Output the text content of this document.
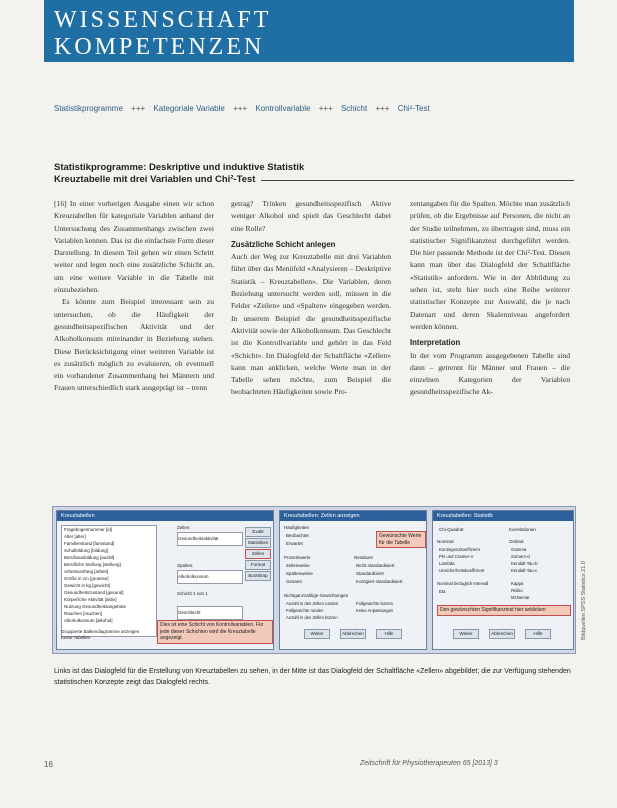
WISSENSCHAFT
KOMPETENZEN
Statistikprogramme +++ Kategoriale Variable +++ Kontrollvariable +++ Schicht +++ Chi²-Test
Statistikprogramme: Deskriptive und induktive Statistik
Kreuztabelle mit drei Variablen und Chi²-Test

[16] In einer vorherigen Ausgabe einen wir schon Kreuztabellen für kategoriale Variablen anhand der Untersuchung des Zusammenhangs zwischen zwei Variablen kennen. Das ist die einfachste Form dieser Darstellung. In diesem Teil gehen wir einen Schritt weiter und legen noch eine zusätzliche Schicht an, um eine weitere Variable in die Tabelle mit einzubeziehen.

Es könnte zum Beispiel interessant sein zu untersuchen, ob die Häufigkeit der gesundheitsspezifischen Aktivität und der Alkoholkonsum miteinander in Beziehung stehen. Diese Berücksichtigung einer weiteren Variable ist es zusätzlich möglich zu evaluieren, ob eventuell ein vorhandener Zusammenhang bei Männern und Frauen unterschiedlich stark ausgeprägt ist – trenn

getrag? Trinken gesundheitsspezifisch Aktive weniger Alkohol und spielt das Geschlecht dabei eine Rolle?

Zusätzliche Schicht anlegen

Auch der Weg zur Kreuztabelle mit drei Variablen führt über das Menüfeld «Analysieren – Deskriptive Statistik – Kreuztabellen». Die Variablen, deren Beziehung untersucht werden soll, müssen in die Felder «Zeilen» und «Spalten» eingegeben werden. In unserem Beispiel die gesundheitsspezifische Aktivität sowie der Alkoholkonsum. Das Geschlecht ist die Kontrollvariable und gehört in das Feld «Schicht». Im Dialogfeld der Schaltfläche «Zellen» kann man anklicken, welche Werte man in der Tabelle sehen möchte, zum Beispiel die beobachteten Häufigkeiten sowie Pro-

zentangaben für die Spalten. Möchte man zusätzlich prüfen, ob die Ergebnisse auf Personen, die nicht an der Studie teilnehmen, zu übertragen sind, muss ein statistischer Signifikanztest durchgeführt werden. Die hier passende Methode ist der Chi²-Test. Diesen kann man über das Dialogfeld der Schaltfläche «Statistik» anfordern. Wie in der Abbildung zu sehen ist, steht hier noch eine Reihe weiterer statistischer Konzepte zur Auswahl, die je nach Datenart und deren Skalenniveau angefordert werden können.

Interpretation

In der vom Programm ausgegebenen Tabelle sind dann – getrennt für Männer und Frauen – die einzelnen Kategorien der Variablen gesundheitsspezifische Ak-

Kreuztabellen
Fragebogennummer [id]
Alter [alter]
Familienstand [famstand]
Schulbildung [bildung]
Berufsausbildung [ausbil]
Berufliche Stellung [stellung]
Arbeitsumfang [arbeit]
Größe in cm [groesse]
Gewicht in kg [gewicht]
Gesundheitszustand [gesund]
Körperliche Aktivität [aktiv]
Nutzung Gesundheitsangebote
Rauchen [rauchen]
Alkoholkonsum [alkohol]
Zeilen:
Gesundheitsaktivität
Spalten:
Alkoholkonsum
Schicht 1 von 1
Geschlecht
Exakt
Statistiken
Zellen
Format
Bootstrap
Gruppierte Balkendiagramme anzeigen
Keine Tabellen
Dies ist eine Schicht von Kontrollvariablen. Für jede dieser Schichten wird die Kreuztabelle angezeigt.
Kreuztabellen: Zellen anzeigen
Häufigkeiten
Beobachtet
Erwartet
Prozentwerte
Zeilenweise
Spaltenweise
Gesamt
Residuen
Nicht standardisiert
Standardisiert
Korrigiert standardisiert
Nichtganzzahlige Gewichtungen
Anzahl in den Zellen runden
Fallgewichte runden
Anzahl in den Zellen kürzen
Fallgewichte kürzen
Keine Anpassungen
Weiter	Abbrechen	Hilfe
Gewünschte Werte für die Tabelle
Kreuztabellen: Statistik
Chi-Quadrat	Korrelationen
Nominal
Kontingenzkoeffizient
Phi und Cramer-V
Lambda
Unsicherheitskoeffizient
Nominal bezüglich Intervall
Eta
Ordinal
Gamma
Somers-d
Kendall-Tau-b
Kendall-Tau-c
Kappa
Risiko
McNemar
Weiter	Abbrechen	Hilfe
Den gewünschten Signifikanztest hier anklicken
Links ist das Dialogfeld für die Erstellung von Kreuztabellen zu sehen, in der Mitte ist das Dialogfeld der Schaltfläche «Zellen» abgebildet; die zur Verfügung stehenden statistischen Konzepte zeigt das Dialogfeld rechts.
16	Zeitschrift für Physiotherapeuten 65 [2013] 3
Bildquellen SPSS Statistics 21.0
